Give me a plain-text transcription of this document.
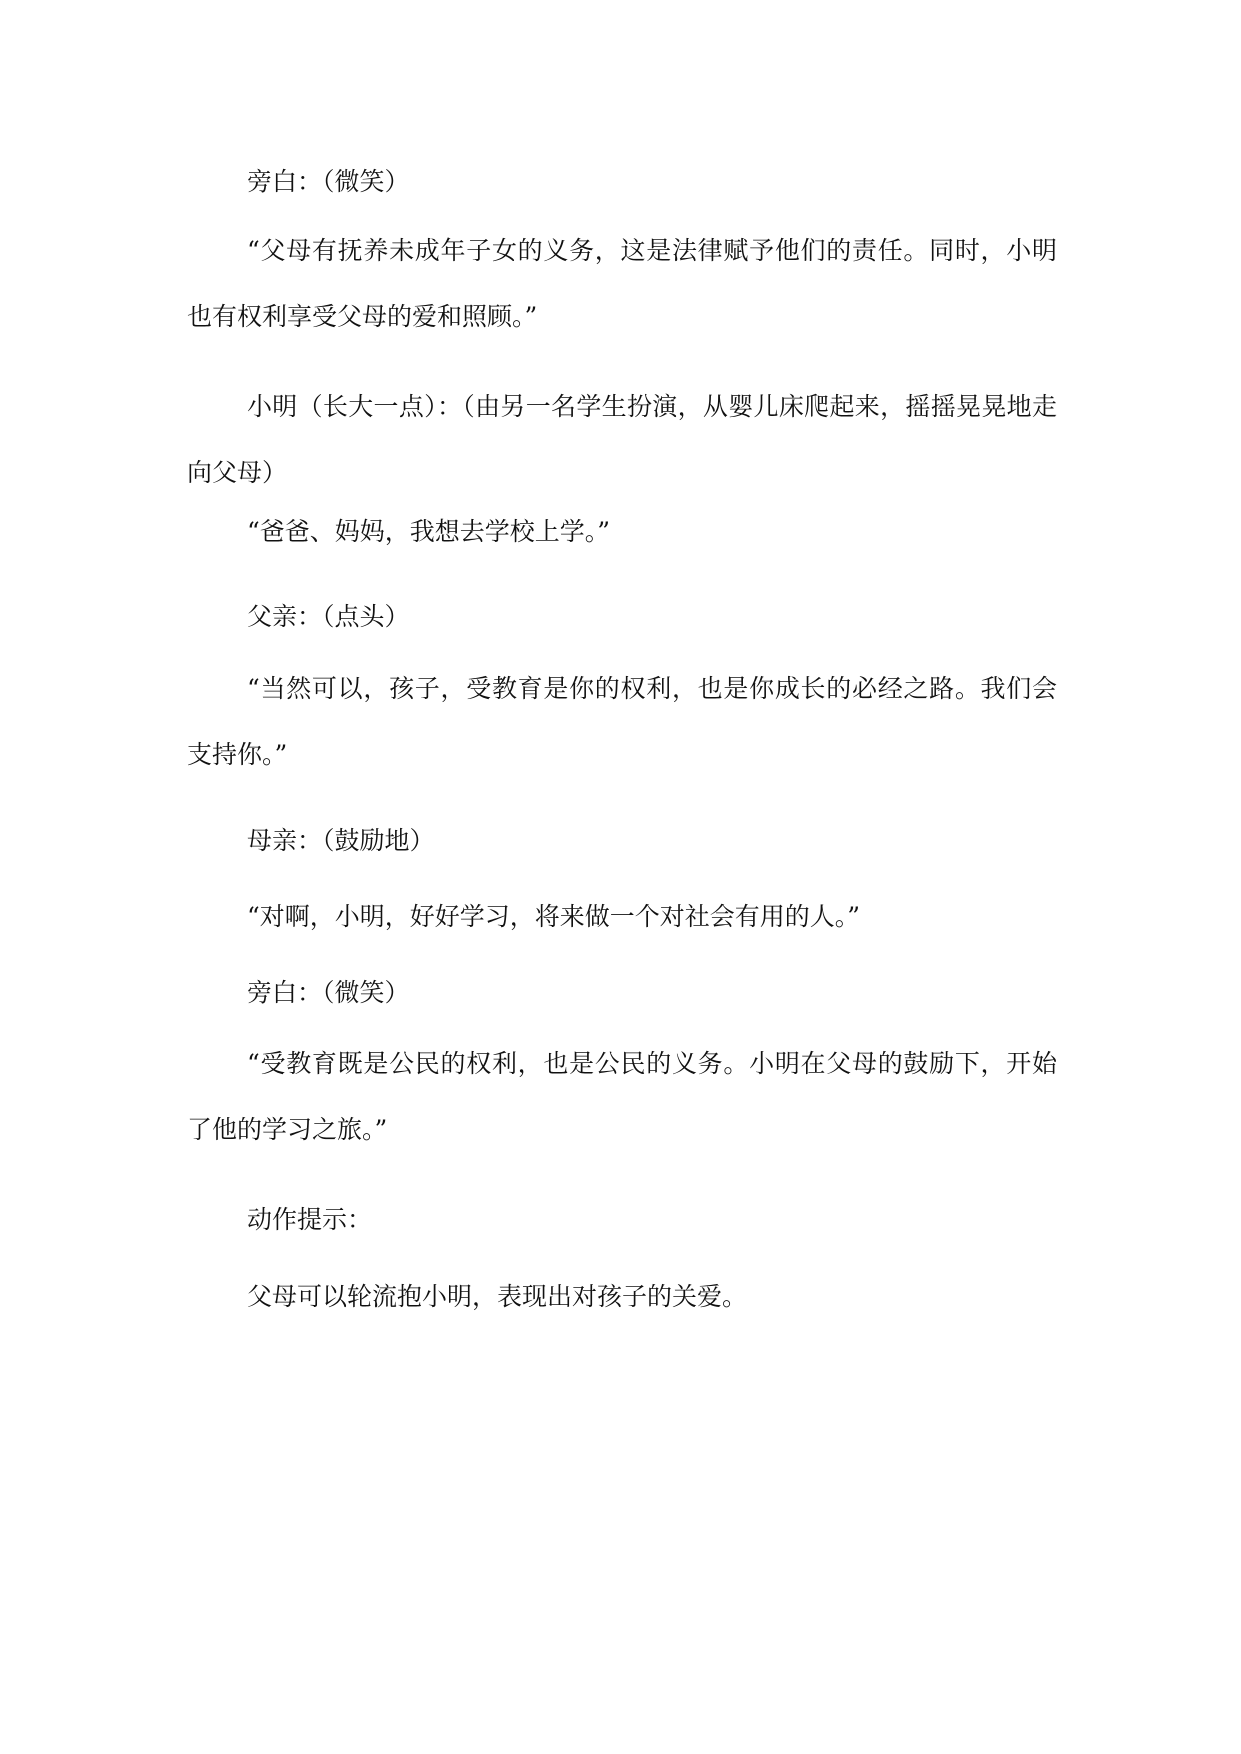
旁白：（微笑）

“父母有抚养未成年子女的义务，这是法律赋予他们的责任。同时，小明也有权利享受父母的爱和照顾。”

小明（长大一点）：（由另一名学生扮演，从婴儿床爬起来，摇摇晃晃地走向父母）

“爸爸、妈妈，我想去学校上学。”

父亲：（点头）

“当然可以，孩子，受教育是你的权利，也是你成长的必经之路。我们会支持你。”

母亲：（鼓励地）

“对啊，小明，好好学习，将来做一个对社会有用的人。”

旁白：（微笑）

“受教育既是公民的权利，也是公民的义务。小明在父母的鼓励下，开始了他的学习之旅。”

动作提示：

父母可以轮流抱小明，表现出对孩子的关爱。
